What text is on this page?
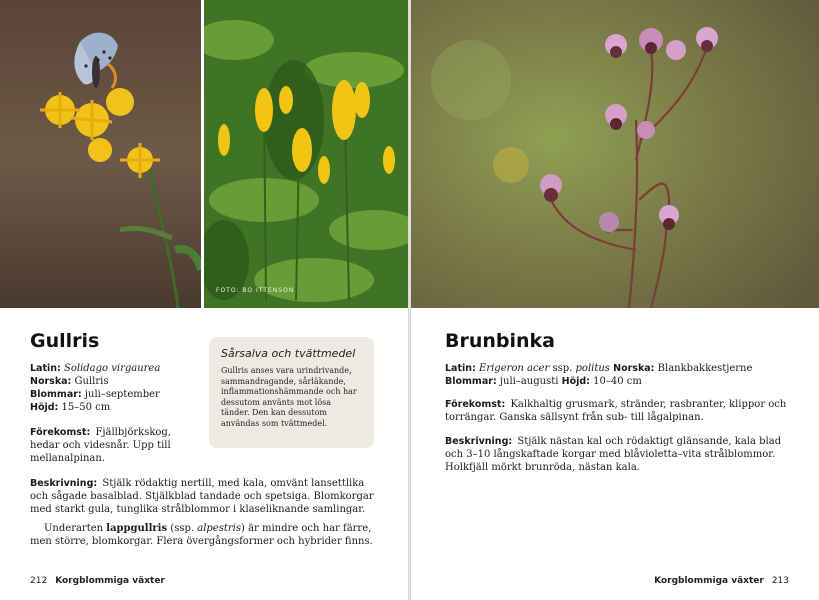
FOTO: BO ITTENSON
Gullris
Latin: Solidago virgaurea
Norska: Gullris
Blommar: juli–september
Höjd: 15–50 cm

Förekomst: Fjällbjörkskog, hedar och videsnår. Upp till mellanalpinan.

Sårsalva och tvättmedel

Gullris anses vara urindrivande, sammandragande, sårläkande, inflammationshämmande och har dessutom använts mot lösa tänder. Den kan dessutom användas som tvättmedel.

Beskrivning: Stjälk rödaktig nertill, med kala, omvänt lansettlika och sågade basalblad. Stjälkblad tandade och spetsiga. Blomkorgar med starkt gula, tunglika strålblommor i klaseliknande samlingar.

Underarten lappgullris (ssp. alpestris) är mindre och har färre, men större, blomkorgar. Flera övergångsformer och hybrider finns.

212 Korgblommiga växter
Brunbinka
Latin: Erigeron acer ssp. politus Norska: Blankbakkestjerne
Blommar: juli–augusti Höjd: 10–40 cm

Förekomst: Kalkhaltig grusmark, stränder, rasbranter, klippor och torrängar. Ganska sällsynt från sub- till lågalpinan.

Beskrivning: Stjälk nästan kal och rödaktigt glänsande, kala blad och 3–10 långskaftade korgar med blåvioletta–vita strålblommor. Holkfjäll mörkt brunröda, nästan kala.

Korgblommiga växter 213
